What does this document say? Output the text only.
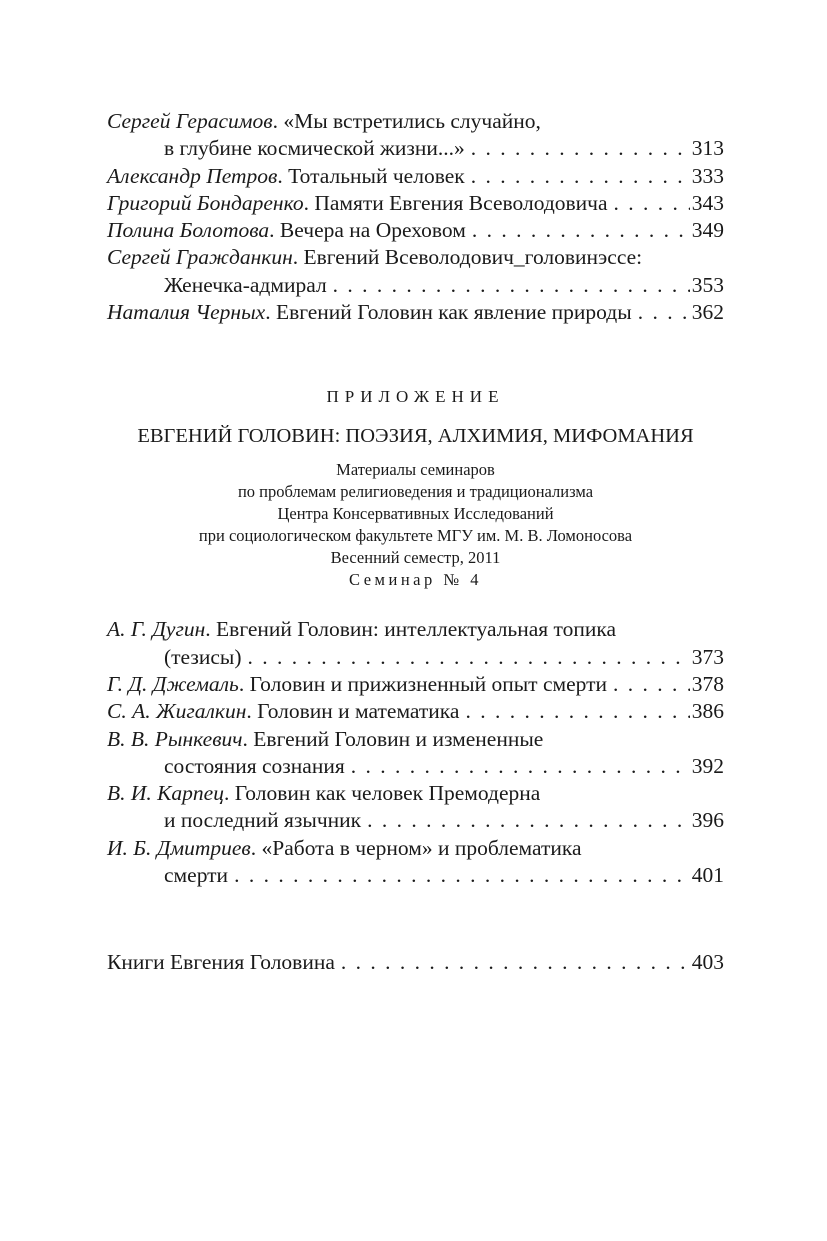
Сергей Герасимов . «Мы встретились случайно,
в глубине космической жизни...» . . .	313
Александр Петров . Тотальный человек . . .	333
Григорий Бондаренко . Памяти Евгения Всеволодовича . . .	343
Полина Болотова . Вечера на Ореховом . . .	349
Сергей Гражданкин . Евгений Всеволодович_головинэссе:
Женечка-адмирал . . .	353
Наталия Черных . Евгений Головин как явление природы . . .	362
ПРИЛОЖЕНИЕ
ЕВГЕНИЙ ГОЛОВИН: ПОЭЗИЯ, АЛХИМИЯ, МИФОМАНИЯ
Материалы семинаров
по проблемам религиоведения и традиционализма
Центра Консервативных Исследований
при социологическом факультете МГУ им. М. В. Ломоносова
Весенний семестр, 2011
Семинар № 4
А. Г. Дугин . Евгений Головин: интеллектуальная топика
(тезисы) . . .	373
Г. Д. Джемаль . Головин и прижизненный опыт смерти . . .	378
С. А. Жигалкин . Головин и математика . . .	386
В. В. Рынкевич . Евгений Головин и измененные
состояния сознания . . .	392
В. И. Карпец . Головин как человек Премодерна
и последний язычник . . .	396
И. Б. Дмитриев . «Работа в черном» и проблематика
смерти . . .	401
Книги Евгения Головина . . .	403
